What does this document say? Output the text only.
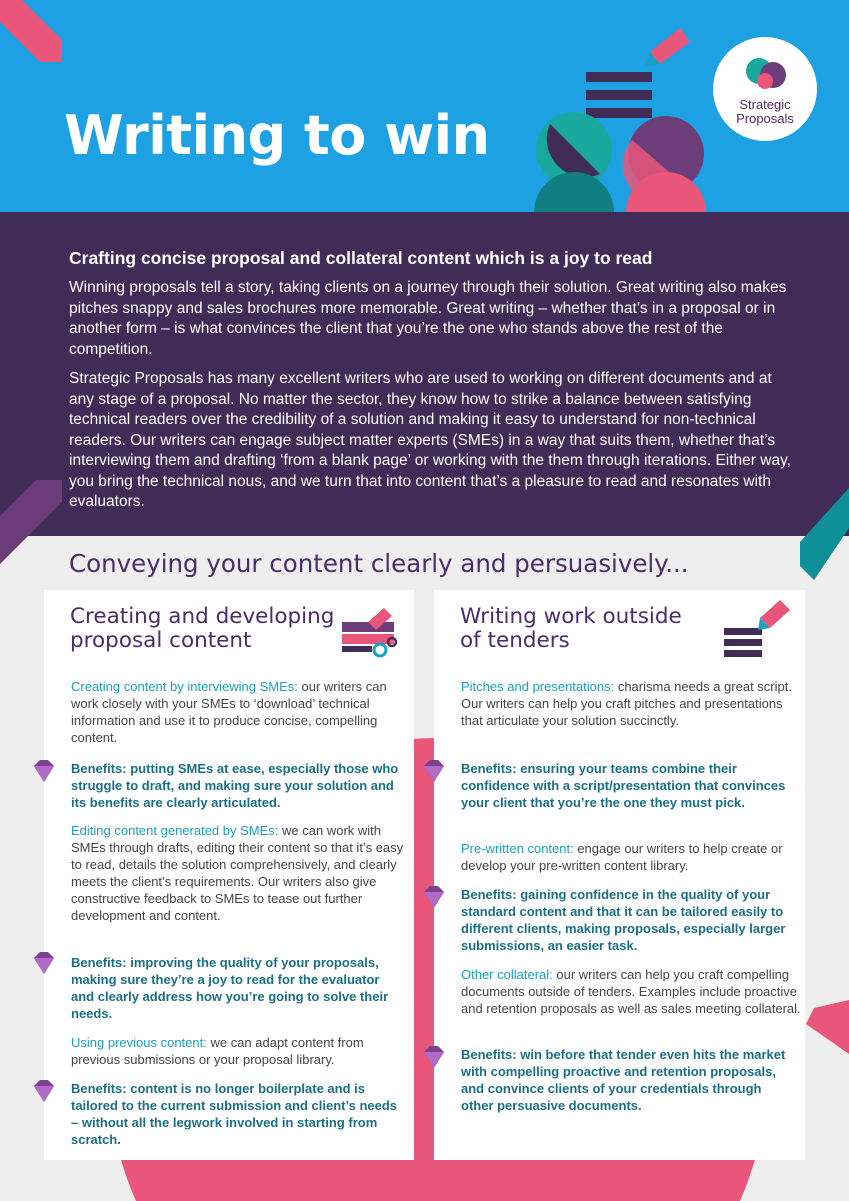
Writing to win	Strategic
Proposals
Crafting concise proposal and collateral content which is a joy to read
Winning proposals tell a story, taking clients on a journey through their solution. Great writing also makes pitches snappy and sales brochures more memorable. Great writing – whether that’s in a proposal or in another form – is what convinces the client that you’re the one who stands above the rest of the competition.
Strategic Proposals has many excellent writers who are used to working on different documents and at any stage of a proposal. No matter the sector, they know how to strike a balance between satisfying technical readers over the credibility of a solution and making it easy to understand for non-technical readers. Our writers can engage subject matter experts (SMEs) in a way that suits them, whether that’s interviewing them and drafting ‘from a blank page’ or working with the them through iterations. Either way, you bring the technical nous, and we turn that into content that’s a pleasure to read and resonates with evaluators.
Conveying your content clearly and persuasively...
Creating and developing
proposal content
Creating content by interviewing SMEs: our writers can work closely with your SMEs to ‘download’ technical information and use it to produce concise, compelling content.
Benefits: putting SMEs at ease, especially those who struggle to draft, and making sure your solution and its benefits are clearly articulated.
Editing content generated by SMEs: we can work with SMEs through drafts, editing their content so that it’s easy to read, details the solution comprehensively, and clearly meets the client’s requirements. Our writers also give constructive feedback to SMEs to tease out further development and content.
Benefits: improving the quality of your proposals, making sure they’re a joy to read for the evaluator and clearly address how you’re going to solve their needs.
Using previous content: we can adapt content from previous submissions or your proposal library.
Benefits: content is no longer boilerplate and is tailored to the current submission and client’s needs – without all the legwork involved in starting from scratch.
Writing work outside
of tenders
Pitches and presentations: charisma needs a great script. Our writers can help you craft pitches and presentations that articulate your solution succinctly.
Benefits: ensuring your teams combine their confidence with a script/presentation that convinces your client that you’re the one they must pick.
Pre-written content: engage our writers to help create or develop your pre-written content library.
Benefits: gaining confidence in the quality of your standard content and that it can be tailored easily to different clients, making proposals, especially larger submissions, an easier task.
Other collateral: our writers can help you craft compelling documents outside of tenders. Examples include proactive and retention proposals as well as sales meeting collateral.
Benefits: win before that tender even hits the market with compelling proactive and retention proposals, and convince clients of your credentials through other persuasive documents.
